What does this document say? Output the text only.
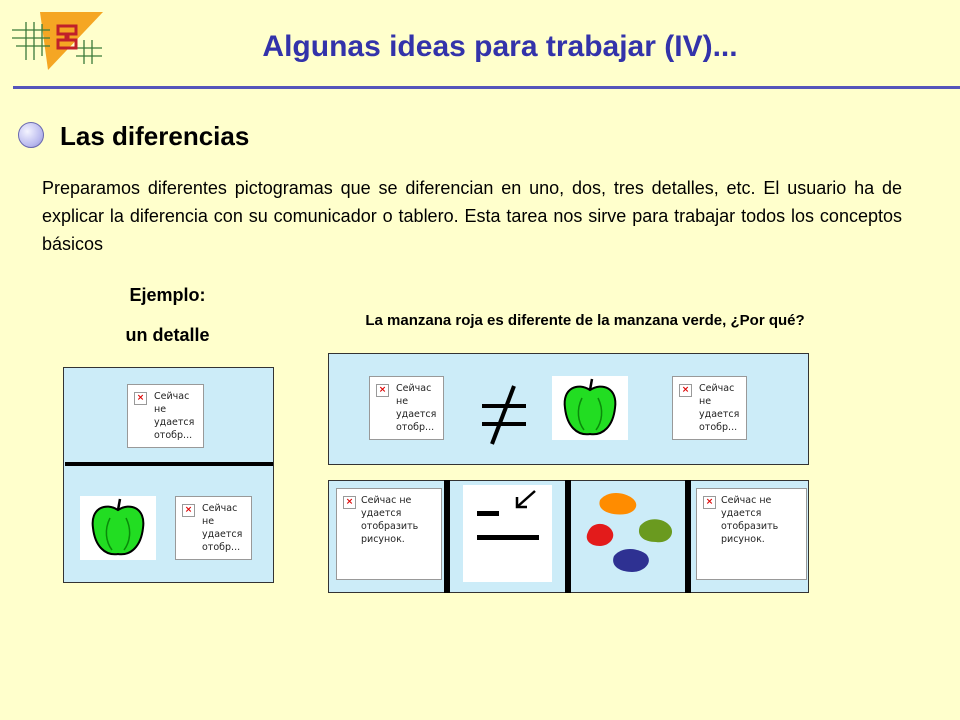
Algunas ideas para trabajar (IV)...
Las diferencias

Preparamos diferentes pictogramas que se diferencian en uno, dos, tres detalles, etc. El usuario ha de explicar la diferencia con su comunicador o tablero. Esta tarea nos sirve para trabajar todos los conceptos básicos

Ejemplo:
un detalle
La manzana roja es diferente de la manzana verde, ¿Por qué?
× Сейчас
не
удается
отобр...
× Сейчас
не
удается
отобр...
× Сейчас
не
удается
отобр...
× Сейчас
не
удается
отобр...
× Сейчас не
удается
отобразить
рисунок.
× Сейчас не
удается
отобразить
рисунок.
